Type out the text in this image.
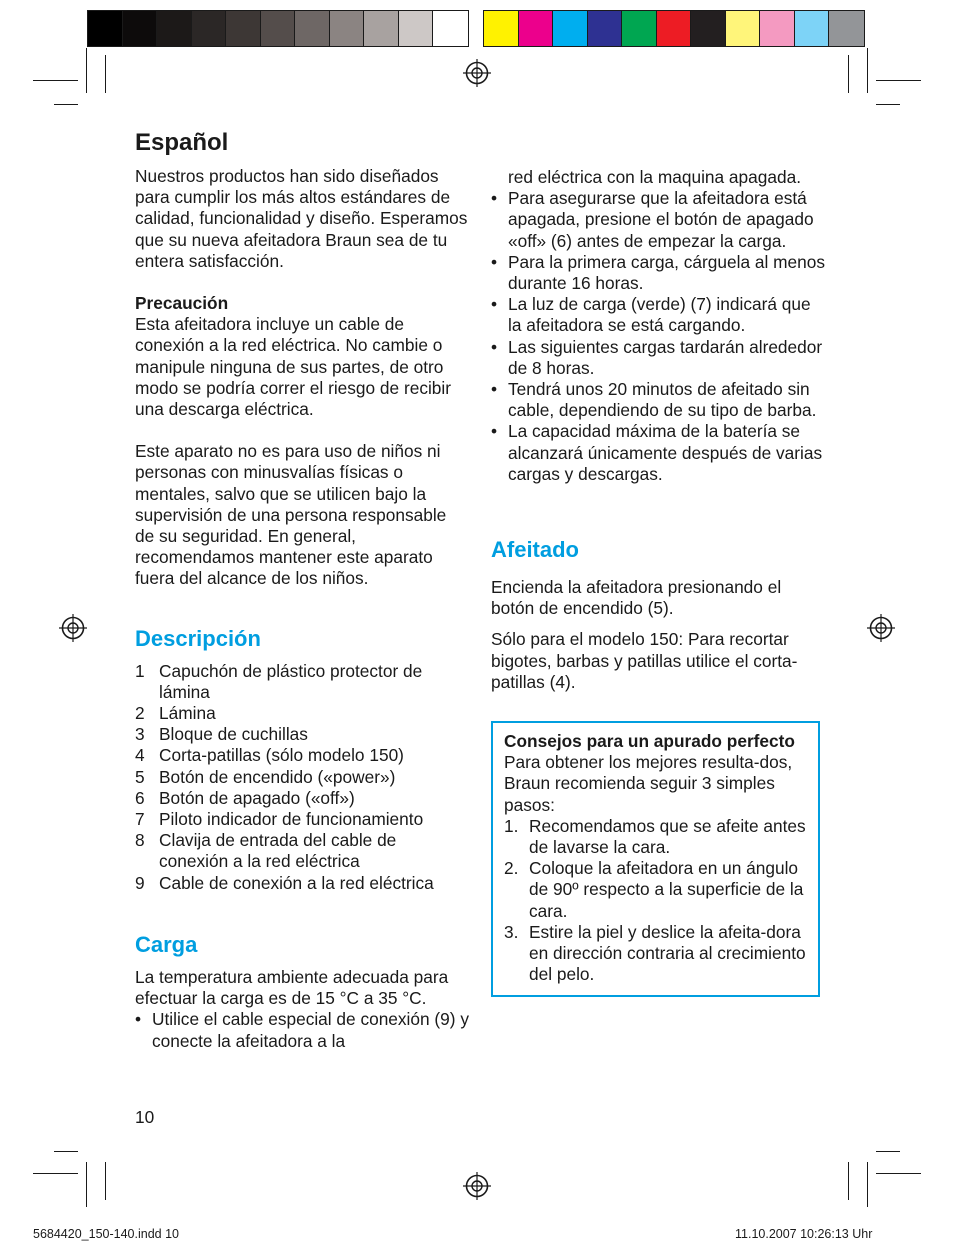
Español

Nuestros productos han sido diseñados para cumplir los más altos estándares de calidad, funcionalidad y diseño. Esperamos que su nueva afeitadora Braun sea de tu entera satisfacción.

Precaución

Esta afeitadora incluye un cable de conexión a la red eléctrica. No cambie o manipule ninguna de sus partes, de otro modo se podría correr el riesgo de recibir una descarga eléctrica.

Este aparato no es para uso de niños ni personas con minusvalías físicas o mentales, salvo que se utilicen bajo la supervisión de una persona responsable de su seguridad. En general, recomendamos mantener este aparato fuera del alcance de los niños.

Descripción
1 Capuchón de plástico protector de lámina
2 Lámina
3 Bloque de cuchillas
4 Corta-patillas (sólo modelo 150)
5 Botón de encendido («power»)
6 Botón de apagado («off»)
7 Piloto indicador de funcionamiento
8 Clavija de entrada del cable de conexión a la red eléctrica
9 Cable de conexión a la red eléctrica
Carga

La temperatura ambiente adecuada para efectuar la carga es de 15 °C a 35 °C.

• Utilice el cable especial de conexión (9) y conecte la afeitadora a la
red eléctrica con la maquina apagada.
• Para asegurarse que la afeitadora está apagada, presione el botón de apagado «off» (6) antes de empezar la carga.
• Para la primera carga, cárguela al menos durante 16 horas.
• La luz de carga (verde) (7) indicará que la afeitadora se está cargando.
• Las siguientes cargas tardarán alrededor de 8 horas.
• Tendrá unos 20 minutos de afeitado sin cable, dependiendo de su tipo de barba.
• La capacidad máxima de la batería se alcanzará únicamente después de varias cargas y descargas.
Afeitado

Encienda la afeitadora presionando el botón de encendido (5).

Sólo para el modelo 150: Para recortar bigotes, barbas y patillas utilice el corta-patillas (4).

Consejos para un apurado perfecto

Para obtener los mejores resulta-dos, Braun recomienda seguir 3 simples pasos:

1. Recomendamos que se afeite antes de lavarse la cara.
2. Coloque la afeitadora en un ángulo de 90º respecto a la superficie de la cara.
3. Estire la piel y deslice la afeita-dora en dirección contraria al crecimiento del pelo.
10
5684420_150-140.indd 10	11.10.2007 10:26:13 Uhr
